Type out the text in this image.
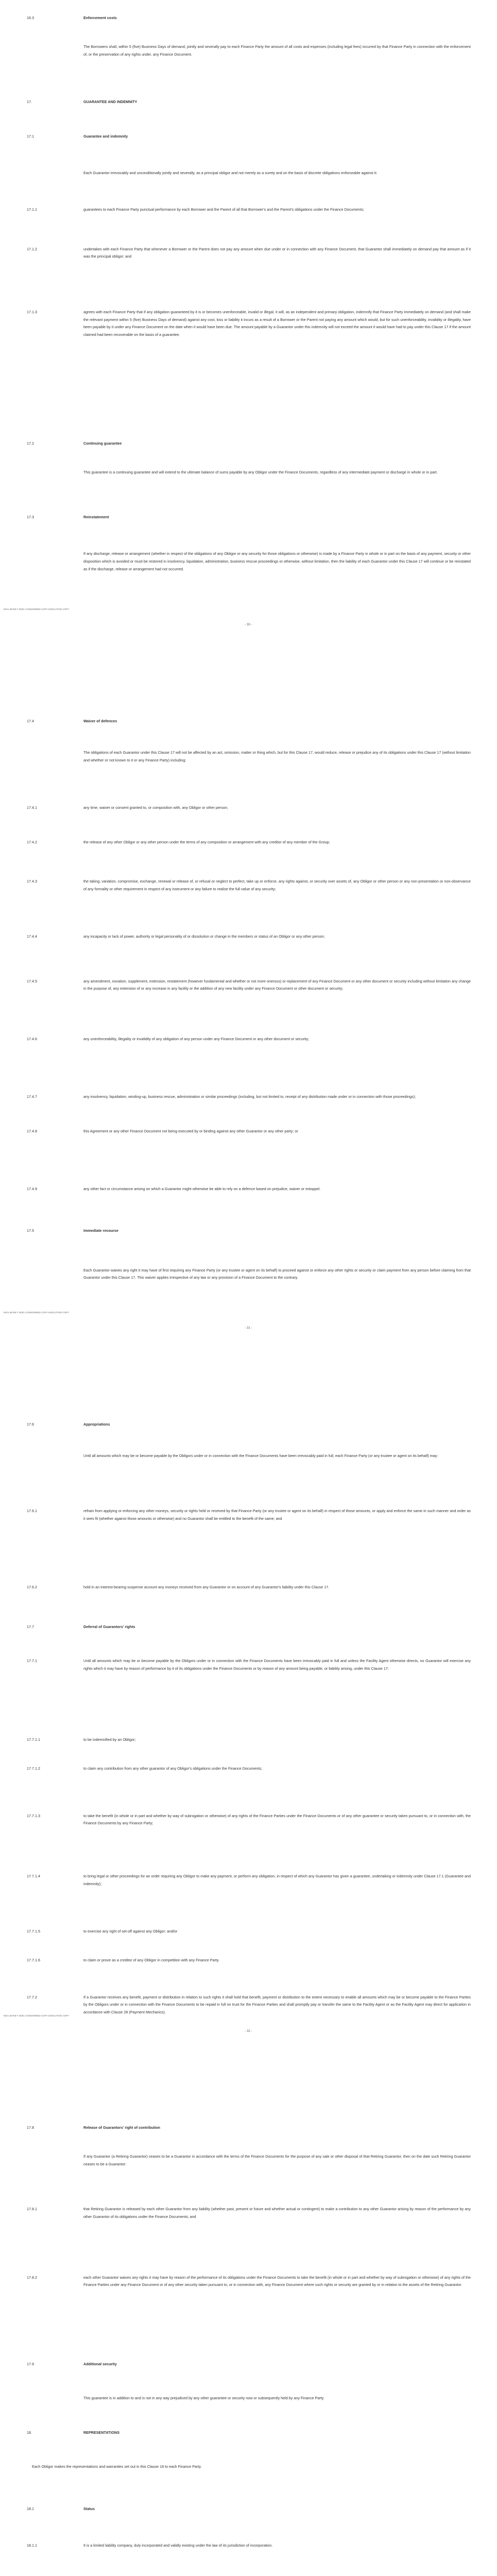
16.3	Enforcement costs
The Borrowers shall, within 5 (five) Business Days of demand, jointly and severally pay to each Finance Party the amount of all costs and expenses (including legal fees) incurred by that Finance Party in connection with the enforcement of, or the preservation of any rights under, any Finance Document.
17.	GUARANTEE AND INDEMNITY
17.1	Guarantee and indemnity
Each Guarantor irrevocably and unconditionally jointly and severally, as a principal obligor and not merely as a surety and on the basis of discrete obligations enforceable against it:
17.1.1	guarantees to each Finance Party punctual performance by each Borrower and the Parent of all that Borrower's and the Parent's obligations under the Finance Documents;
17.1.2	undertakes with each Finance Party that whenever a Borrower or the Parent does not pay any amount when due under or in connection with any Finance Document, that Guarantor shall immediately on demand pay that amount as if it was the principal obligor; and
17.1.3	agrees with each Finance Party that if any obligation guaranteed by it is or becomes unenforceable, invalid or illegal, it will, as an independent and primary obligation, indemnify that Finance Party immediately on demand (and shall make the relevant payment within 5 (five) Business Days of demand) against any cost, loss or liability it incurs as a result of a Borrower or the Parent not paying any amount which would, but for such unenforceability, invalidity or illegality, have been payable by it under any Finance Document on the date when it would have been due. The amount payable by a Guarantor under this indemnity will not exceed the amount it would have had to pay under this Clause 17 if the amount claimed had been recoverable on the basis of a guarantee.
17.2	Continuing guarantee
This guarantee is a continuing guarantee and will extend to the ultimate balance of sums payable by any Obligor under the Finance Documents, regardless of any intermediate payment or discharge in whole or in part.
17.3	Reinstatement
If any discharge, release or arrangement (whether in respect of the obligations of any Obligor or any security for those obligations or otherwise) is made by a Finance Party in whole or in part on the basis of any payment, security or other disposition which is avoided or must be restored in insolvency, liquidation, administration, business rescue proceedings or otherwise, without limitation, then the liability of each Guarantor under this Clause 17 will continue or be reinstated as if the discharge, release or arrangement had not occurred.
NIG1 66765 F 303/1 CONSORMED COPY EXECUTION COPY
- 30 -
17.4	Waiver of defences
The obligations of each Guarantor under this Clause 17 will not be affected by an act, omission, matter or thing which, but for this Clause 17, would reduce, release or prejudice any of its obligations under this Clause 17 (without limitation and whether or not known to it or any Finance Party) including:
17.4.1	any time, waiver or consent granted to, or composition with, any Obligor or other person;
17.4.2	the release of any other Obligor or any other person under the terms of any composition or arrangement with any creditor of any member of the Group;
17.4.3	the taking, variation, compromise, exchange, renewal or release of, or refusal or neglect to perfect, take up or enforce, any rights against, or security over assets of, any Obligor or other person or any non-presentation or non-observance of any formality or other requirement in respect of any instrument or any failure to realise the full value of any security;
17.4.4	any incapacity or lack of power, authority or legal personality of or dissolution or change in the members or status of an Obligor or any other person;
17.4.5	any amendment, novation, supplement, extension, restatement (however fundamental and whether or not more onerous) or replacement of any Finance Document or any other document or security including without limitation any change in the purpose of, any extension of or any increase in any facility or the addition of any new facility under any Finance Document or other document or security;
17.4.6	any unenforceability, illegality or invalidity of any obligation of any person under any Finance Document or any other document or security;
17.4.7	any insolvency, liquidation, winding-up, business rescue, administration or similar proceedings (including, but not limited to, receipt of any distribution made under or in connection with those proceedings);
17.4.8	this Agreement or any other Finance Document not being executed by or binding against any other Guarantor or any other party; or
17.4.9	any other fact or circumstance arising on which a Guarantor might otherwise be able to rely on a defence based on prejudice, waiver or estoppel.
17.5	Immediate recourse
Each Guarantor waives any right it may have of first requiring any Finance Party (or any trustee or agent on its behalf) to proceed against or enforce any other rights or security or claim payment from any person before claiming from that Guarantor under this Clause 17. This waiver applies irrespective of any law or any provision of a Finance Document to the contrary.
NIG1 66765 F 303/1 CONSORMED COPY EXECUTION COPY
- 31 -
17.6	Appropriations
Until all amounts which may be or become payable by the Obligors under or in connection with the Finance Documents have been irrevocably paid in full, each Finance Party (or any trustee or agent on its behalf) may:
17.6.1	refrain from applying or enforcing any other moneys, security or rights held or received by that Finance Party (or any trustee or agent on its behalf) in respect of those amounts, or apply and enforce the same in such manner and order as it sees fit (whether against those amounts or otherwise) and no Guarantor shall be entitled to the benefit of the same; and
17.6.2	hold in an interest-bearing suspense account any moneys received from any Guarantor or on account of any Guarantor's liability under this Clause 17.
17.7	Deferral of Guarantors' rights
17.7.1	Until all amounts which may be or become payable by the Obligors under or in connection with the Finance Documents have been irrevocably paid in full and unless the Facility Agent otherwise directs, no Guarantor will exercise any rights which it may have by reason of performance by it of its obligations under the Finance Documents or by reason of any amount being payable, or liability arising, under this Clause 17:
17.7.1.1	to be indemnified by an Obligor;
17.7.1.2	to claim any contribution from any other guarantor of any Obligor's obligations under the Finance Documents;
17.7.1.3	to take the benefit (in whole or in part and whether by way of subrogation or otherwise) of any rights of the Finance Parties under the Finance Documents or of any other guarantee or security taken pursuant to, or in connection with, the Finance Documents by any Finance Party;
17.7.1.4	to bring legal or other proceedings for an order requiring any Obligor to make any payment, or perform any obligation, in respect of which any Guarantor has given a guarantee, undertaking or indemnity under Clause 17.1 (Guarantee and indemnity);
17.7.1.5	to exercise any right of set-off against any Obligor; and/or
17.7.1.6	to claim or prove as a creditor of any Obligor in competition with any Finance Party.
17.7.2	If a Guarantor receives any benefit, payment or distribution in relation to such rights it shall hold that benefit, payment or distribution to the extent necessary to enable all amounts which may be or become payable to the Finance Parties by the Obligors under or in connection with the Finance Documents to be repaid in full on trust for the Finance Parties and shall promptly pay or transfer the same to the Facility Agent or as the Facility Agent may direct for application in accordance with Clause 28 (Payment Mechanics).
NIG1 66765 F 303/1 CONSORMED COPY EXECUTION COPY
- 32 -
17.8	Release of Guarantors' right of contribution
If any Guarantor (a Retiring Guarantor) ceases to be a Guarantor in accordance with the terms of the Finance Documents for the purpose of any sale or other disposal of that Retiring Guarantor, then on the date such Retiring Guarantor ceases to be a Guarantor:
17.8.1	that Retiring Guarantor is released by each other Guarantor from any liability (whether past, present or future and whether actual or contingent) to make a contribution to any other Guarantor arising by reason of the performance by any other Guarantor of its obligations under the Finance Documents; and
17.8.2	each other Guarantor waives any rights it may have by reason of the performance of its obligations under the Finance Documents to take the benefit (in whole or in part and whether by way of subrogation or otherwise) of any rights of the Finance Parties under any Finance Document or of any other security taken pursuant to, or in connection with, any Finance Document where such rights or security are granted by or in relation to the assets of the Retiring Guarantor.
17.9	Additional security
This guarantee is in addition to and is not in any way prejudiced by any other guarantee or security now or subsequently held by any Finance Party.
18.	REPRESENTATIONS
Each Obligor makes the representations and warranties set out in this Clause 18 to each Finance Party.
18.1	Status
18.1.1	It is a limited liability company, duly incorporated and validly existing under the law of its jurisdiction of incorporation.
